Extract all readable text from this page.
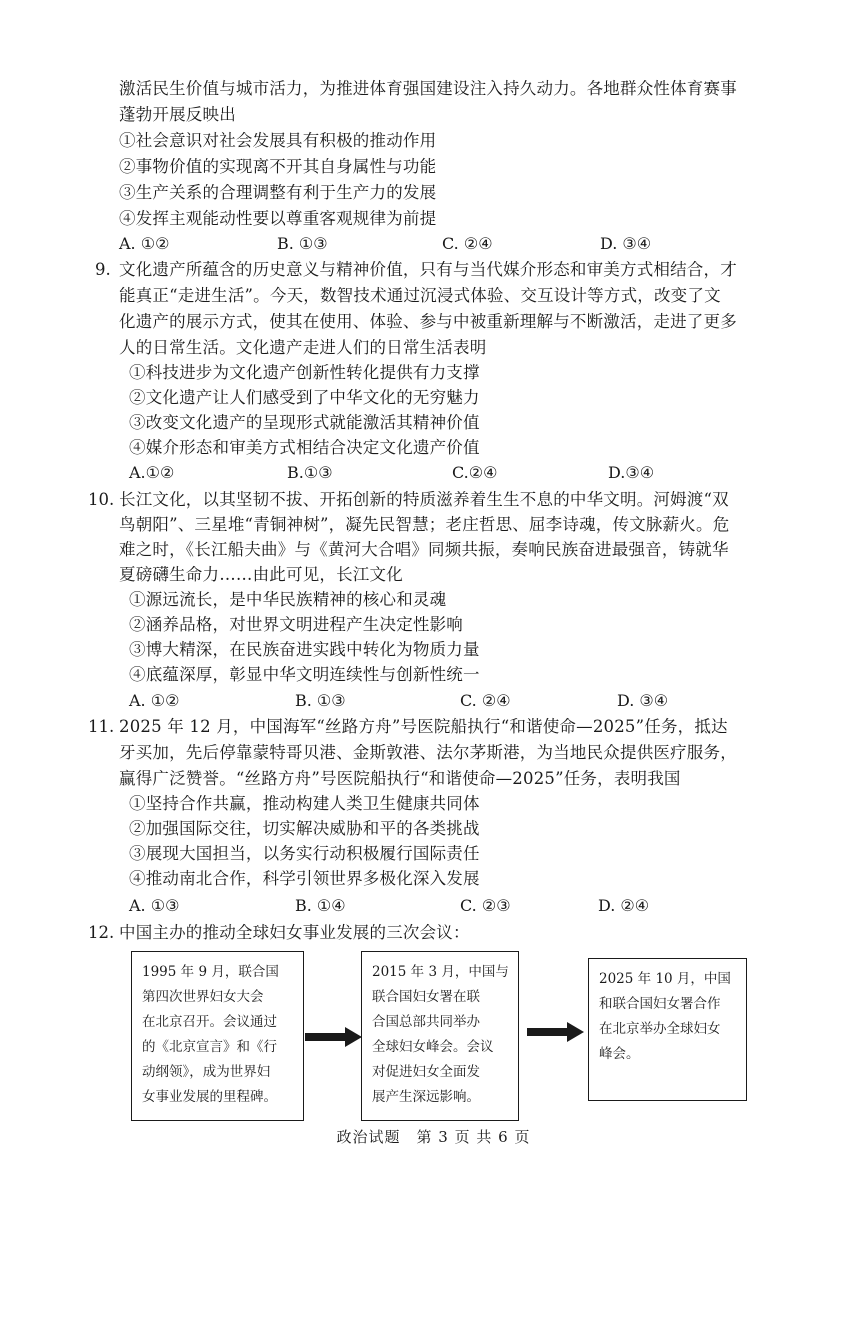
激活民生价值与城市活力，为推进体育强国建设注入持久动力。各地群众性体育赛事
蓬勃开展反映出
①社会意识对社会发展具有积极的推动作用
②事物价值的实现离不开其自身属性与功能
③生产关系的合理调整有利于生产力的发展
④发挥主观能动性要以尊重客观规律为前提
A. ①②	B. ①③	C. ②④	D. ③④
9. 文化遗产所蕴含的历史意义与精神价值，只有与当代媒介形态和审美方式相结合，才
能真正“走进生活”。今天，数智技术通过沉浸式体验、交互设计等方式，改变了文
化遗产的展示方式，使其在使用、体验、参与中被重新理解与不断激活，走进了更多
人的日常生活。文化遗产走进人们的日常生活表明
①科技进步为文化遗产创新性转化提供有力支撑
②文化遗产让人们感受到了中华文化的无穷魅力
③改变文化遗产的呈现形式就能激活其精神价值
④媒介形态和审美方式相结合决定文化遗产价值
A.①②	B.①③	C.②④	D.③④
10. 长江文化，以其坚韧不拔、开拓创新的特质滋养着生生不息的中华文明。河姆渡“双
鸟朝阳”、三星堆“青铜神树”，凝先民智慧；老庄哲思、屈李诗魂，传文脉薪火。危
难之时，《长江船夫曲》与《黄河大合唱》同频共振，奏响民族奋进最强音，铸就华
夏磅礴生命力……由此可见，长江文化
①源远流长，是中华民族精神的核心和灵魂
②涵养品格，对世界文明进程产生决定性影响
③博大精深，在民族奋进实践中转化为物质力量
④底蕴深厚，彰显中华文明连续性与创新性统一
A. ①②	B. ①③	C. ②④	D. ③④
11. 2025 年 12 月，中国海军“丝路方舟”号医院船执行“和谐使命—2025”任务，抵达
牙买加，先后停靠蒙特哥贝港、金斯敦港、法尔茅斯港，为当地民众提供医疗服务，
赢得广泛赞誉。“丝路方舟”号医院船执行“和谐使命—2025”任务，表明我国
①坚持合作共赢，推动构建人类卫生健康共同体
②加强国际交往，切实解决威胁和平的各类挑战
③展现大国担当，以务实行动积极履行国际责任
④推动南北合作，科学引领世界多极化深入发展
A. ①③	B. ①④	C. ②③	D. ②④
12. 中国主办的推动全球妇女事业发展的三次会议：
1995 年 9 月，联合国
第四次世界妇女大会
在北京召开。会议通过
的《北京宣言》和《行
动纲领》，成为世界妇
女事业发展的里程碑。
2015 年 3 月，中国与
联合国妇女署在联
合国总部共同举办
全球妇女峰会。会议
对促进妇女全面发
展产生深远影响。
2025 年 10 月，中国
和联合国妇女署合作
在北京举办全球妇女
峰会。
政治试题　第 3 页 共 6 页
